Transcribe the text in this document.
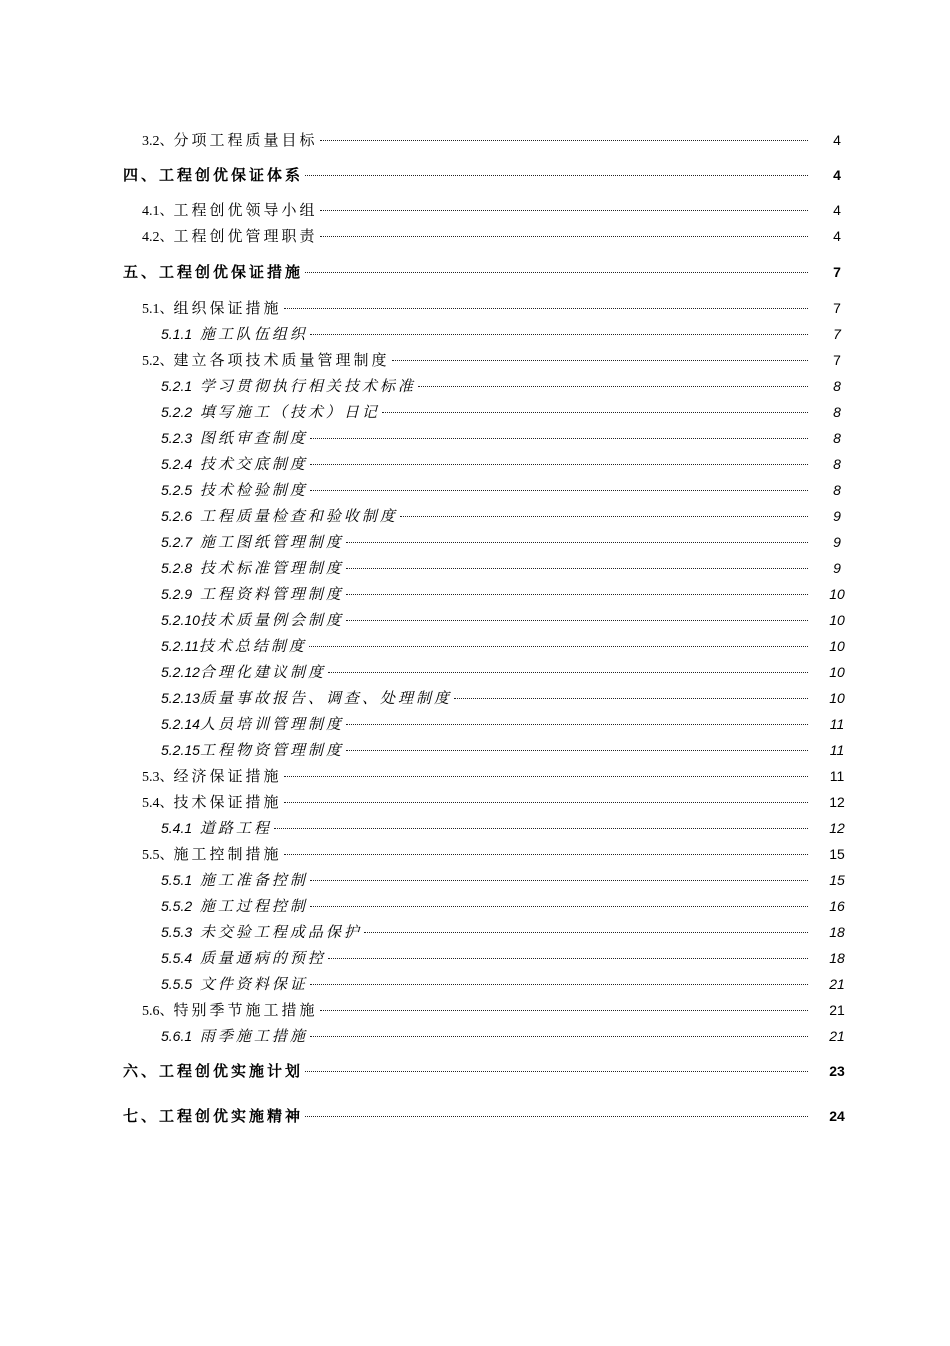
3.2、分项工程质量目标	4
四、工程创优保证体系	4
4.1、工程创优领导小组	4
4.2、工程创优管理职责	4
五、工程创优保证措施	7
5.1、组织保证措施	7
5.1.1 施工队伍组织	7
5.2、建立各项技术质量管理制度	7
5.2.1 学习贯彻执行相关技术标准	8
5.2.2 填写施工（技术）日记	8
5.2.3 图纸审查制度	8
5.2.4 技术交底制度	8
5.2.5 技术检验制度	8
5.2.6 工程质量检查和验收制度	9
5.2.7 施工图纸管理制度	9
5.2.8 技术标准管理制度	9
5.2.9 工程资料管理制度	10
5.2.10技术质量例会制度	10
5.2.11技术总结制度	10
5.2.12合理化建议制度	10
5.2.13质量事故报告、调查、处理制度	10
5.2.14人员培训管理制度	11
5.2.15工程物资管理制度	11
5.3、经济保证措施	11
5.4、技术保证措施	12
5.4.1 道路工程	12
5.5、施工控制措施	15
5.5.1 施工准备控制	15
5.5.2 施工过程控制	16
5.5.3 未交验工程成品保护	18
5.5.4 质量通病的预控	18
5.5.5 文件资料保证	21
5.6、特别季节施工措施	21
5.6.1 雨季施工措施	21
六、工程创优实施计划	23
七、工程创优实施精神	24
